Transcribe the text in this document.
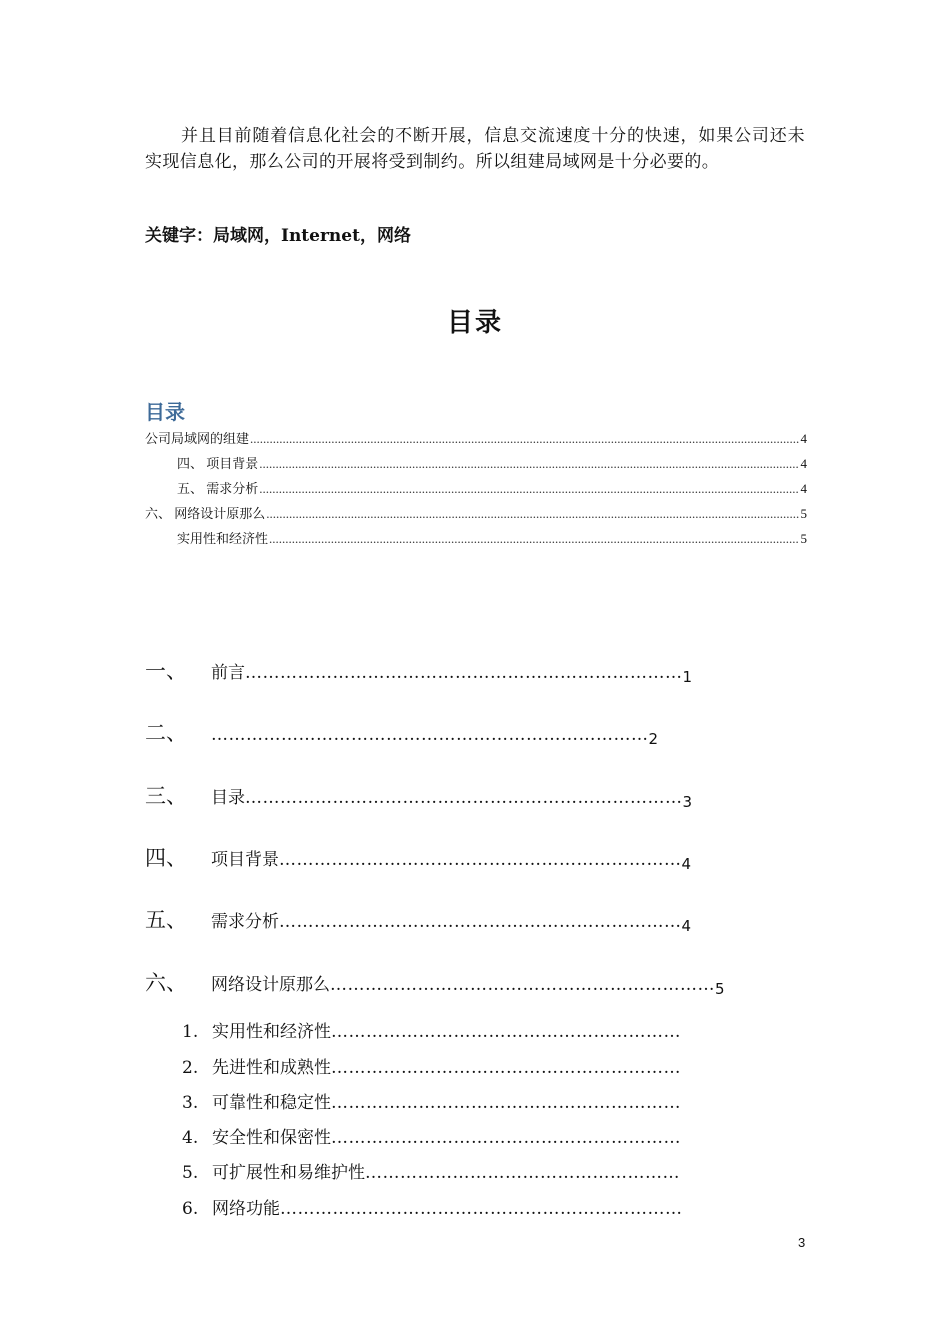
并且目前随着信息化社会的不断开展，信息交流速度十分的快速，如果公司还未实现信息化，那么公司的开展将受到制约。所以组建局域网是十分必要的。

关键字：局域网，Internet，网络
目录
目录
公司局域网的组建 .....	4
四、 项目背景 .....	4
五、 需求分析 .....	4
六、 网络设计原那么 .....	5
实用性和经济性 .....	5
一、	前言 ………………………………………………………………… 1
二、	………………………………………………………………… 2
三、	目录 ………………………………………………………………… 3
四、	项目背景 …………………………………………………………… 4
五、	需求分析 …………………………………………………………… 4
六、	网络设计原那么 ………………………………………………………… 5
1. 实用性和经济性 ……………………………………………………
2. 先进性和成熟性 ……………………………………………………
3. 可靠性和稳定性 ……………………………………………………
4. 安全性和保密性 ……………………………………………………
5. 可扩展性和易维护性 ………………………………………………
6. 网络功能 ……………………………………………………………
3
